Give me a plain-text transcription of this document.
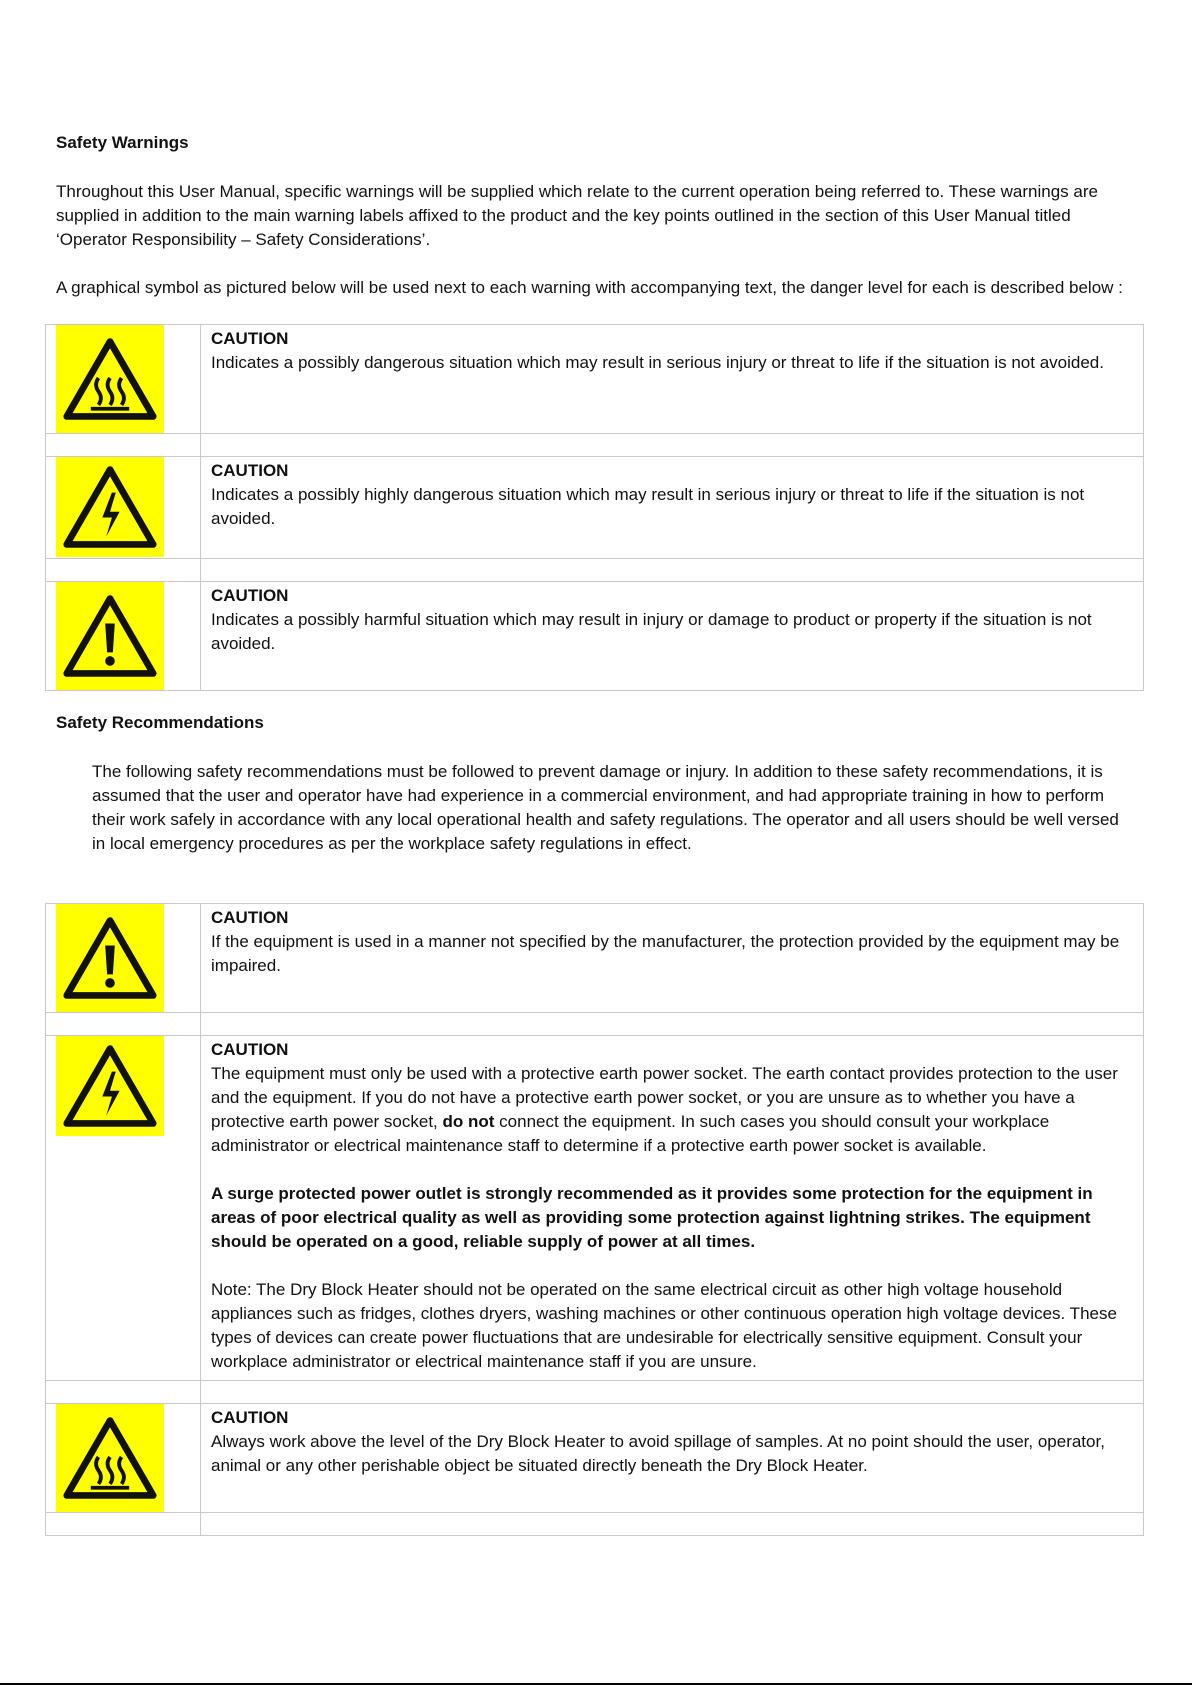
Safety Warnings

Throughout this User Manual, specific warnings will be supplied which relate to the current operation being referred to. These warnings are supplied in addition to the main warning labels affixed to the product and the key points outlined in the section of this User Manual titled ‘Operator Responsibility – Safety Considerations’.

A graphical symbol as pictured below will be used next to each warning with accompanying text, the danger level for each is described below :

CAUTION
Indicates a possibly dangerous situation which may result in serious injury or threat to life if the situation is not avoided.

CAUTION
Indicates a possibly highly dangerous situation which may result in serious injury or threat to life if the situation is not avoided.

CAUTION
Indicates a possibly harmful situation which may result in injury or damage to product or property if the situation is not avoided.
Safety Recommendations

The following safety recommendations must be followed to prevent damage or injury. In addition to these safety recommendations, it is assumed that the user and operator have had experience in a commercial environment, and had appropriate training in how to perform their work safely in accordance with any local operational health and safety regulations. The operator and all users should be well versed in local emergency procedures as per the workplace safety regulations in effect.

CAUTION
If the equipment is used in a manner not specified by the manufacturer, the protection provided by the equipment may be impaired.

CAUTION
The equipment must only be used with a protective earth power socket. The earth contact provides protection to the user and the equipment. If you do not have a protective earth power socket, or you are unsure as to whether you have a protective earth power socket, do not connect the equipment. In such cases you should consult your workplace administrator or electrical maintenance staff to determine if a protective earth power socket is available.
A surge protected power outlet is strongly recommended as it provides some protection for the equipment in areas of poor electrical quality as well as providing some protection against lightning strikes. The equipment should be operated on a good, reliable supply of power at all times.
Note: The Dry Block Heater should not be operated on the same electrical circuit as other high voltage household appliances such as fridges, clothes dryers, washing machines or other continuous operation high voltage devices. These types of devices can create power fluctuations that are undesirable for electrically sensitive equipment. Consult your workplace administrator or electrical maintenance staff if you are unsure.

CAUTION
Always work above the level of the Dry Block Heater to avoid spillage of samples. At no point should the user, operator, animal or any other perishable object be situated directly beneath the Dry Block Heater.
